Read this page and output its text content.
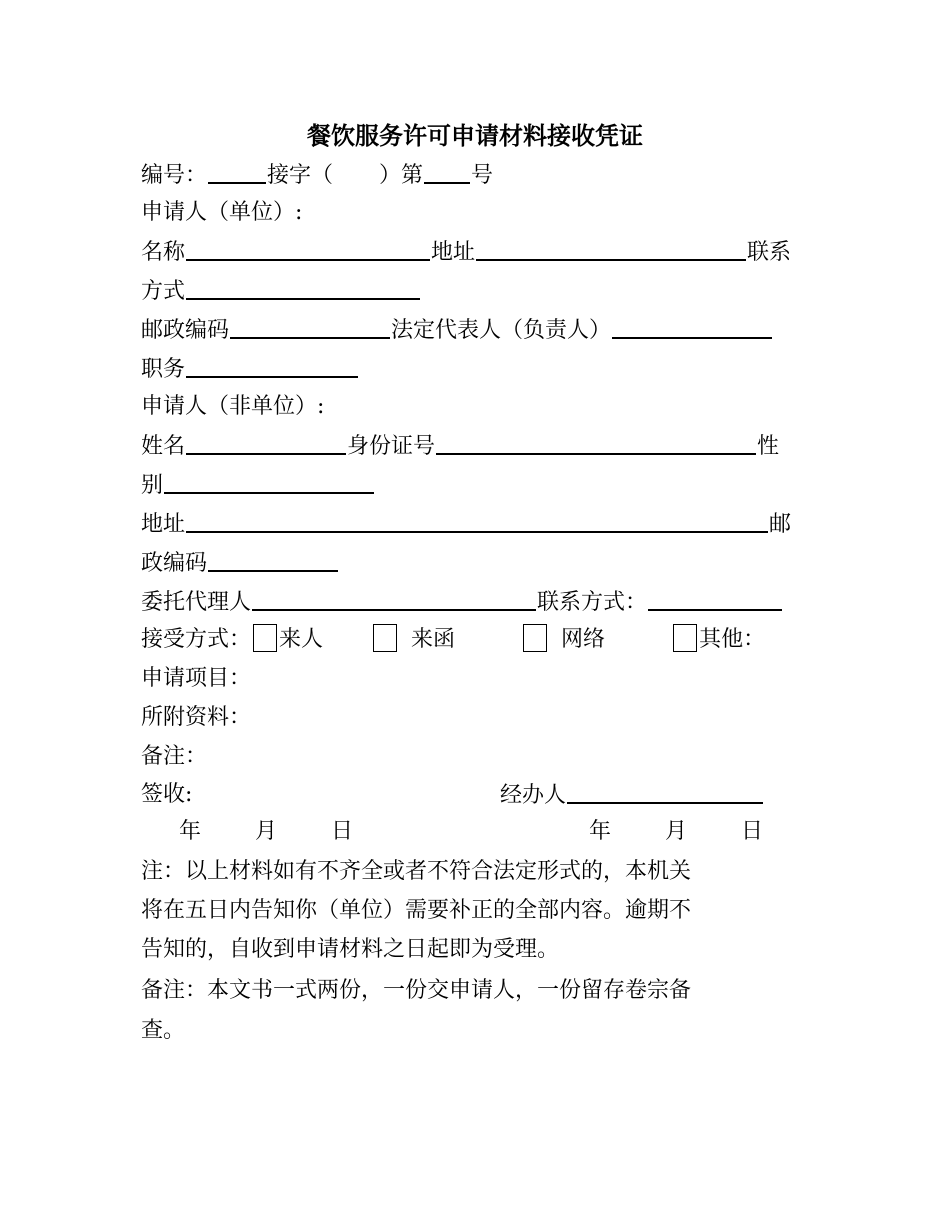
餐饮服务许可申请材料接收凭证
编号：	接字（ ）第 号
申请人（单位）:
名称	地址	联系
方式
邮政编码	法定代表人（负责人）
职务
申请人（非单位）:
姓名	身份证号	性
别
地址	邮
政编码
委托代理人	联系方式：
接受方式： 来人	来函	网络	其他：
申请项目：
所附资料：
备注：
签收:	经办人
年 月 日	年 月 日
注：以上材料如有不齐全或者不符合法定形式的，本机关
将在五日内告知你（单位）需要补正的全部内容。逾期不
告知的，自收到申请材料之日起即为受理。
备注：本文书一式两份，一份交申请人，一份留存卷宗备
查。
